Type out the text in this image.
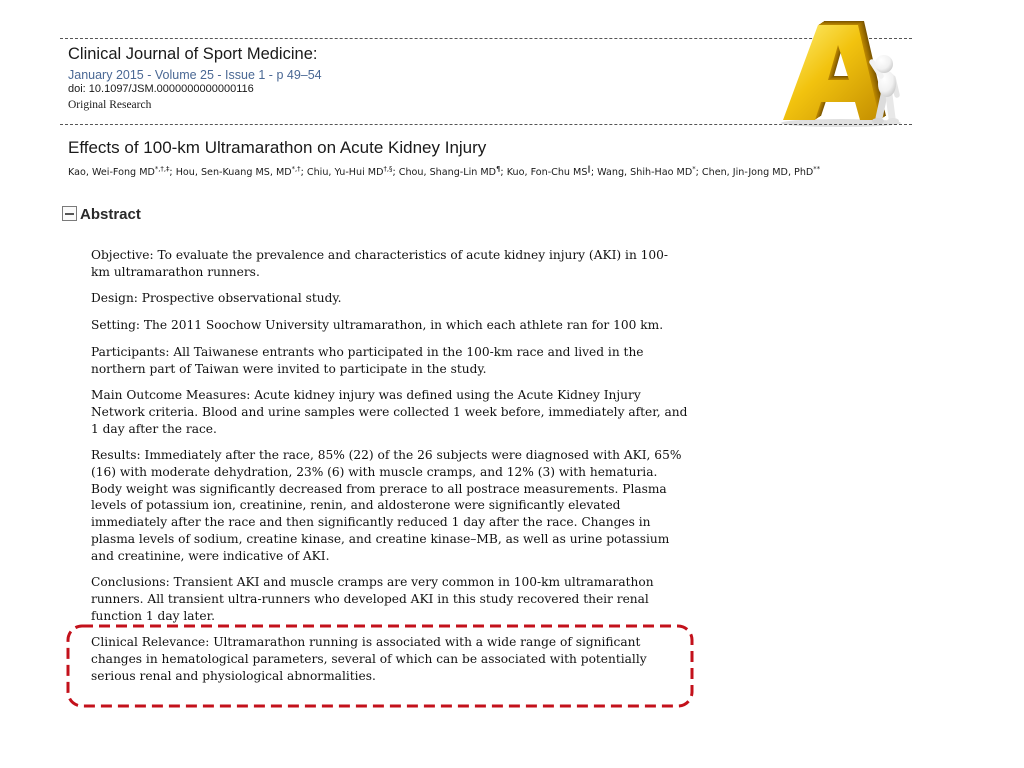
Clinical Journal of Sport Medicine:
January 2015 - Volume 25 - Issue 1 - p 49–54
doi: 10.1097/JSM.0000000000000116
Original Research
Effects of 100-km Ultramarathon on Acute Kidney Injury
Kao, Wei-Fong MD*,†,‡; Hou, Sen-Kuang MS, MD*,†; Chiu, Yu-Hui MD†,§; Chou, Shang-Lin MD¶; Kuo, Fon-Chu MS‖; Wang, Shih-Hao MD*; Chen, Jin-Jong MD, PhD**
Abstract

Objective: To evaluate the prevalence and characteristics of acute kidney injury (AKI) in 100-
km ultramarathon runners.

Design: Prospective observational study.

Setting: The 2011 Soochow University ultramarathon, in which each athlete ran for 100 km.

Participants: All Taiwanese entrants who participated in the 100-km race and lived in the
northern part of Taiwan were invited to participate in the study.

Main Outcome Measures: Acute kidney injury was defined using the Acute Kidney Injury
Network criteria. Blood and urine samples were collected 1 week before, immediately after, and
1 day after the race.

Results: Immediately after the race, 85% (22) of the 26 subjects were diagnosed with AKI, 65%
(16) with moderate dehydration, 23% (6) with muscle cramps, and 12% (3) with hematuria.
Body weight was significantly decreased from prerace to all postrace measurements. Plasma
levels of potassium ion, creatinine, renin, and aldosterone were significantly elevated
immediately after the race and then significantly reduced 1 day after the race. Changes in
plasma levels of sodium, creatine kinase, and creatine kinase–MB, as well as urine potassium
and creatinine, were indicative of AKI.

Conclusions: Transient AKI and muscle cramps are very common in 100-km ultramarathon
runners. All transient ultra-runners who developed AKI in this study recovered their renal
function 1 day later.

Clinical Relevance: Ultramarathon running is associated with a wide range of significant
changes in hematological parameters, several of which can be associated with potentially
serious renal and physiological abnormalities.
